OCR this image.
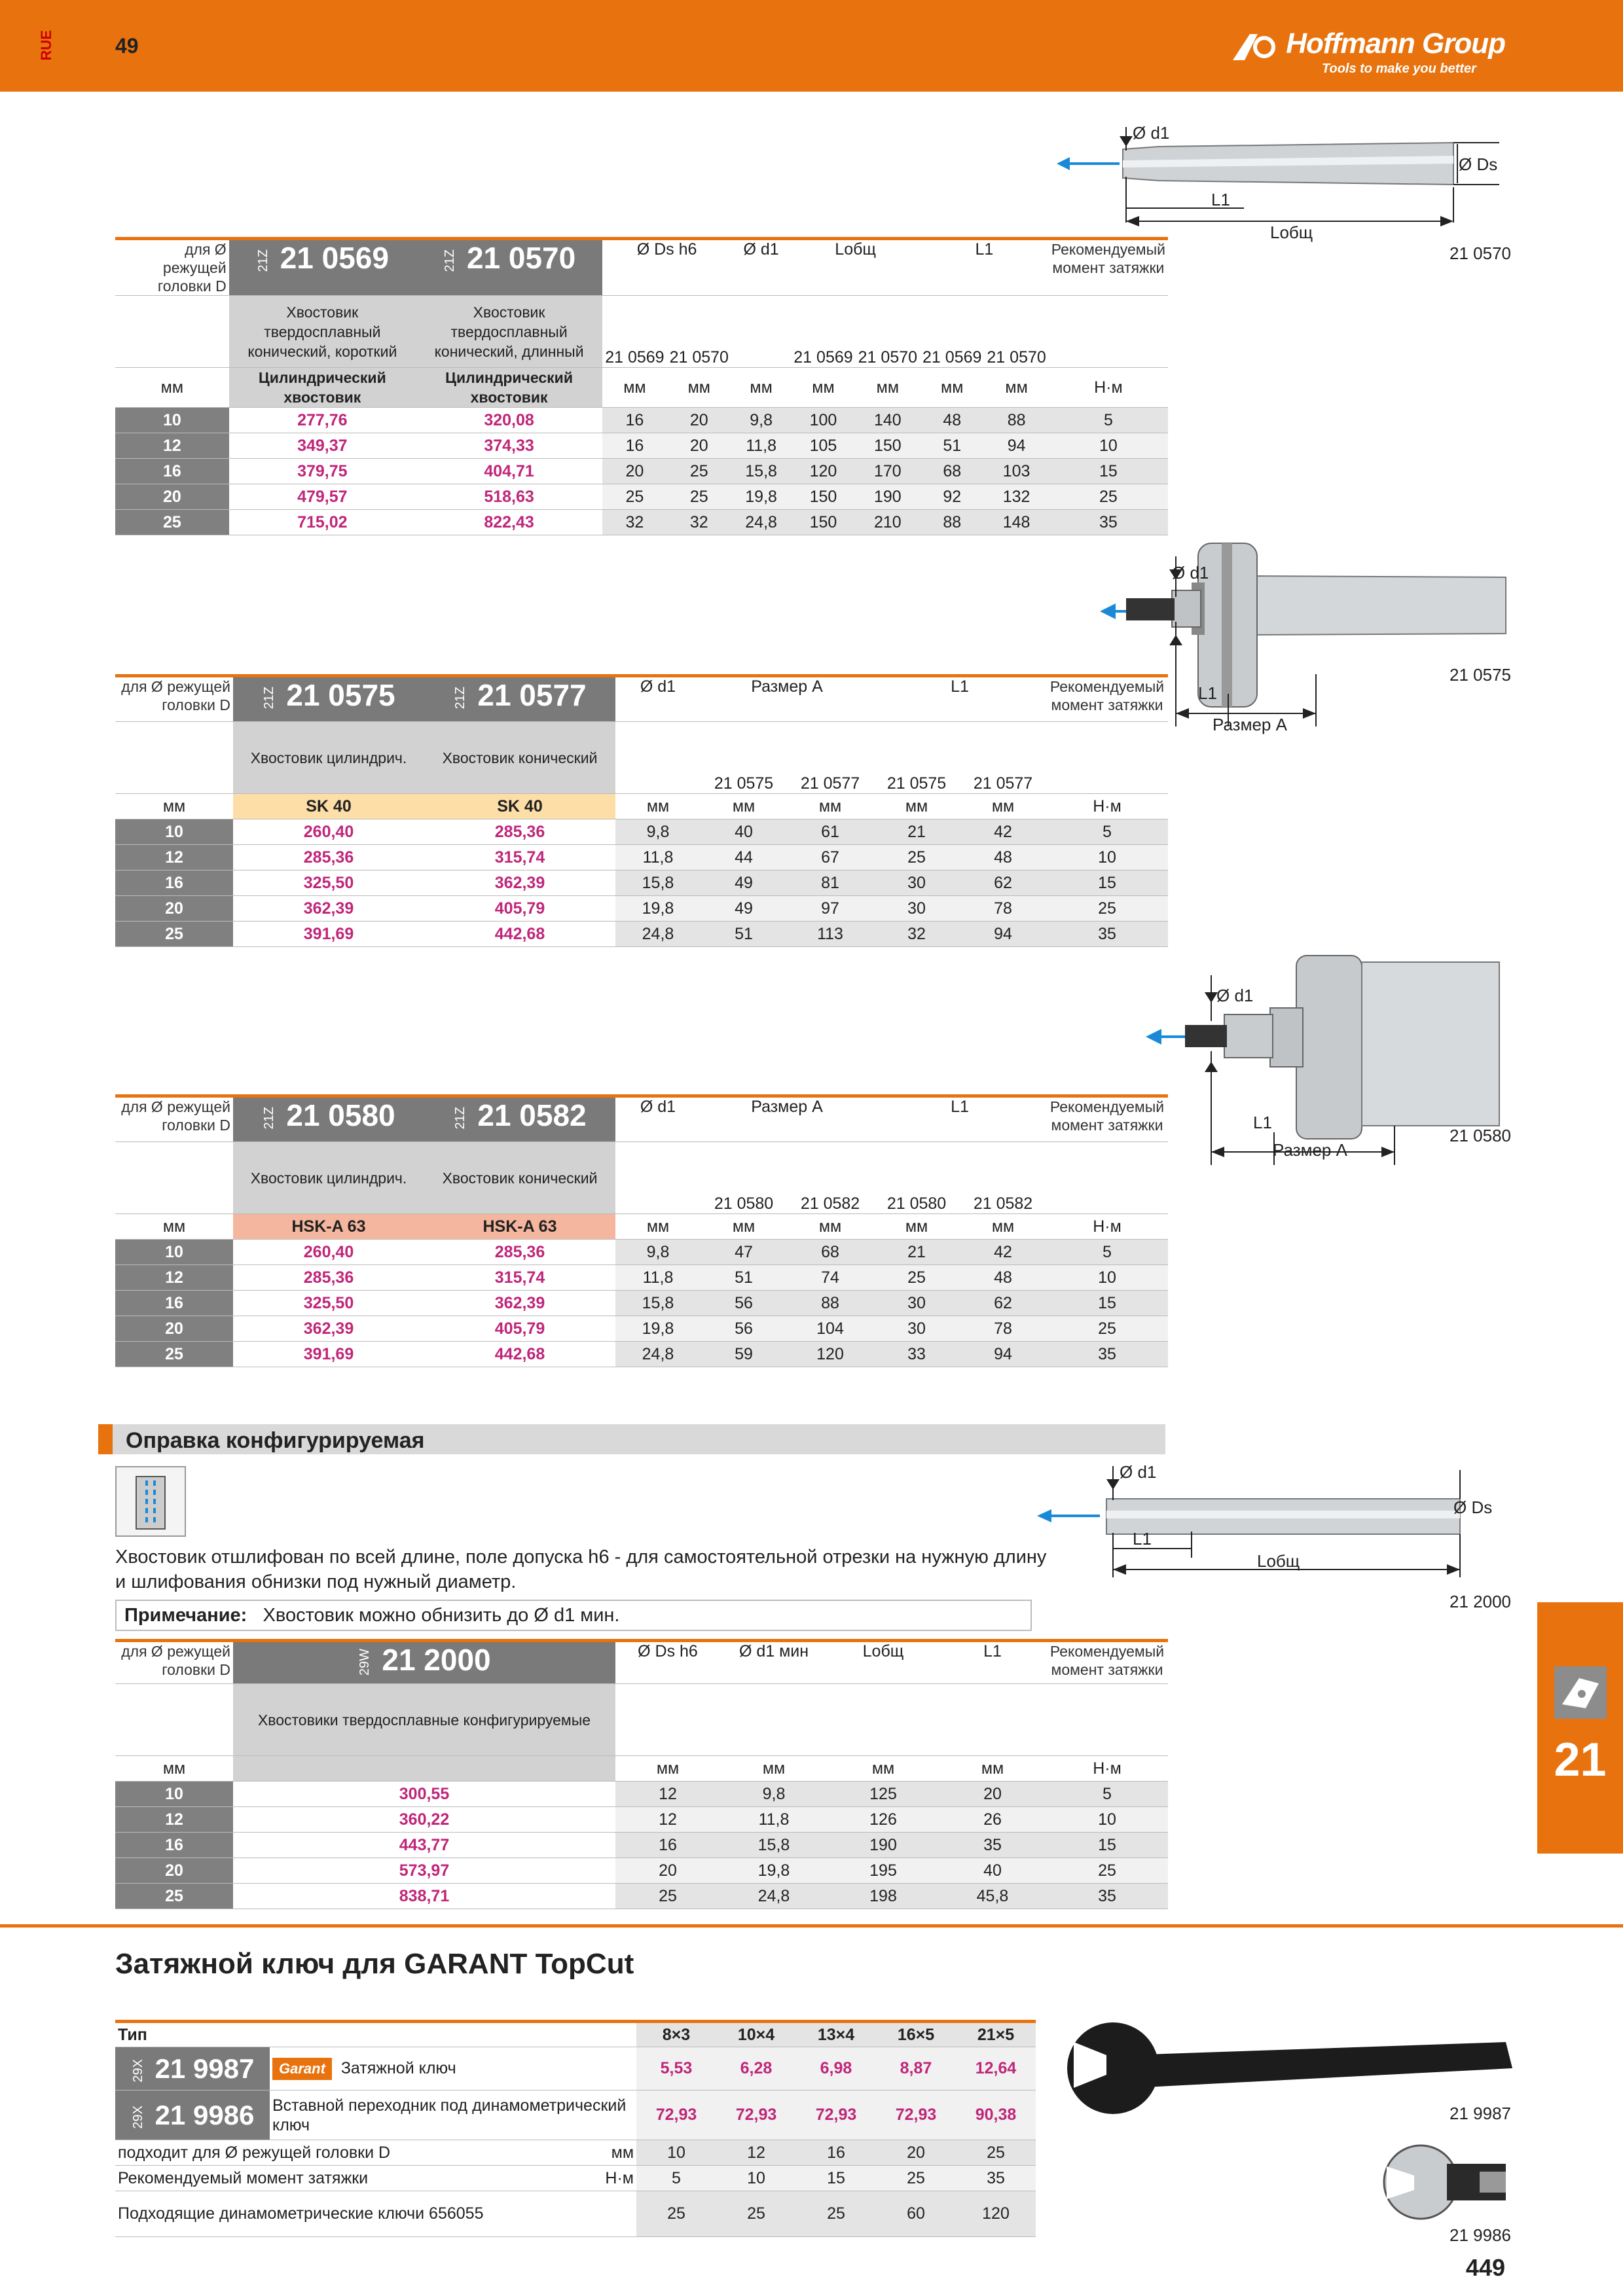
RUE	49	Hoffmann Group
Tools to make you better
Ø d1
Ø Ds
L1
Lобщ
21 0570
для Ø режущей головки D	21Z 21 0569	21Z 21 0570	Ø Ds h6		Ø d1	Lобщ		L1		Рекомендуемый момент затяжки
	Хвостовик твердосплавный конический, короткий	Хвостовик твердосплавный конический, длинный	21 0569	21 0570		21 0569	21 0570	21 0569	21 0570	
мм	Цилиндрический хвостовик	Цилиндрический хвостовик	мм	мм	мм	мм	мм	мм	мм	Н·м
10	277,76	320,08	16	20	9,8	100	140	48	88	5
12	349,37	374,33	16	20	11,8	105	150	51	94	10
16	379,75	404,71	20	25	15,8	120	170	68	103	15
20	479,57	518,63	25	25	19,8	150	190	92	132	25
25	715,02	822,43	32	32	24,8	150	210	88	148	35
Ø d1
L1
Размер A
21 0575
для Ø режущей головки D	21Z 21 0575	21Z 21 0577	Ø d1	Размер A		L1		Рекомендуемый момент затяжки
	Хвостовик цилиндрич.	Хвостовик конический		21 0575	21 0577	21 0575	21 0577	
мм	SK 40	SK 40	мм	мм	мм	мм	мм	Н·м
10	260,40	285,36	9,8	40	61	21	42	5
12	285,36	315,74	11,8	44	67	25	48	10
16	325,50	362,39	15,8	49	81	30	62	15
20	362,39	405,79	19,8	49	97	30	78	25
25	391,69	442,68	24,8	51	113	32	94	35
Ø d1
L1
Размер A
21 0580
для Ø режущей головки D	21Z 21 0580	21Z 21 0582	Ø d1	Размер A		L1		Рекомендуемый момент затяжки
	Хвостовик цилиндрич.	Хвостовик конический		21 0580	21 0582	21 0580	21 0582	
мм	HSK-A 63	HSK-A 63	мм	мм	мм	мм	мм	Н·м
10	260,40	285,36	9,8	47	68	21	42	5
12	285,36	315,74	11,8	51	74	25	48	10
16	325,50	362,39	15,8	56	88	30	62	15
20	362,39	405,79	19,8	56	104	30	78	25
25	391,69	442,68	24,8	59	120	33	94	35
Оправка конфигурируемая
Хвостовик отшлифован по всей длине, поле допуска h6 - для самостоятельной отрезки на нужную длину и шлифования обнизки под нужный диаметр.
Примечание: Хвостовик можно обнизить до Ø d1 мин.
Ø d1
Ø Ds
L1
Lобщ
21 2000
для Ø режущей головки D	29W 21 2000	Ø Ds h6	Ø d1 мин	Lобщ	L1	Рекомендуемый момент затяжки
	Хвостовики твердосплавные конфигурируемые					
мм		мм	мм	мм	мм	Н·м
10	300,55	12	9,8	125	20	5
12	360,22	12	11,8	126	26	10
16	443,77	16	15,8	190	35	15
20	573,97	20	19,8	195	40	25
25	838,71	25	24,8	198	45,8	35
21
Затяжной ключ для GARANT TopCut
Тип		8×3	10×4	13×4	16×5	21×5
29X 21 9987	Garant Затяжной ключ	5,53	6,28	6,98	8,87	12,64
29X 21 9986	Вставной переходник под динамометрический ключ	72,93	72,93	72,93	72,93	90,38
подходит для Ø режущей головки D мм		10	12	16	20	25
Рекомендуемый момент затяжки Н·м		5	10	15	25	35
Подходящие динамометрические ключи 656055		25	25	25	60	120
21 9987
21 9986
449
